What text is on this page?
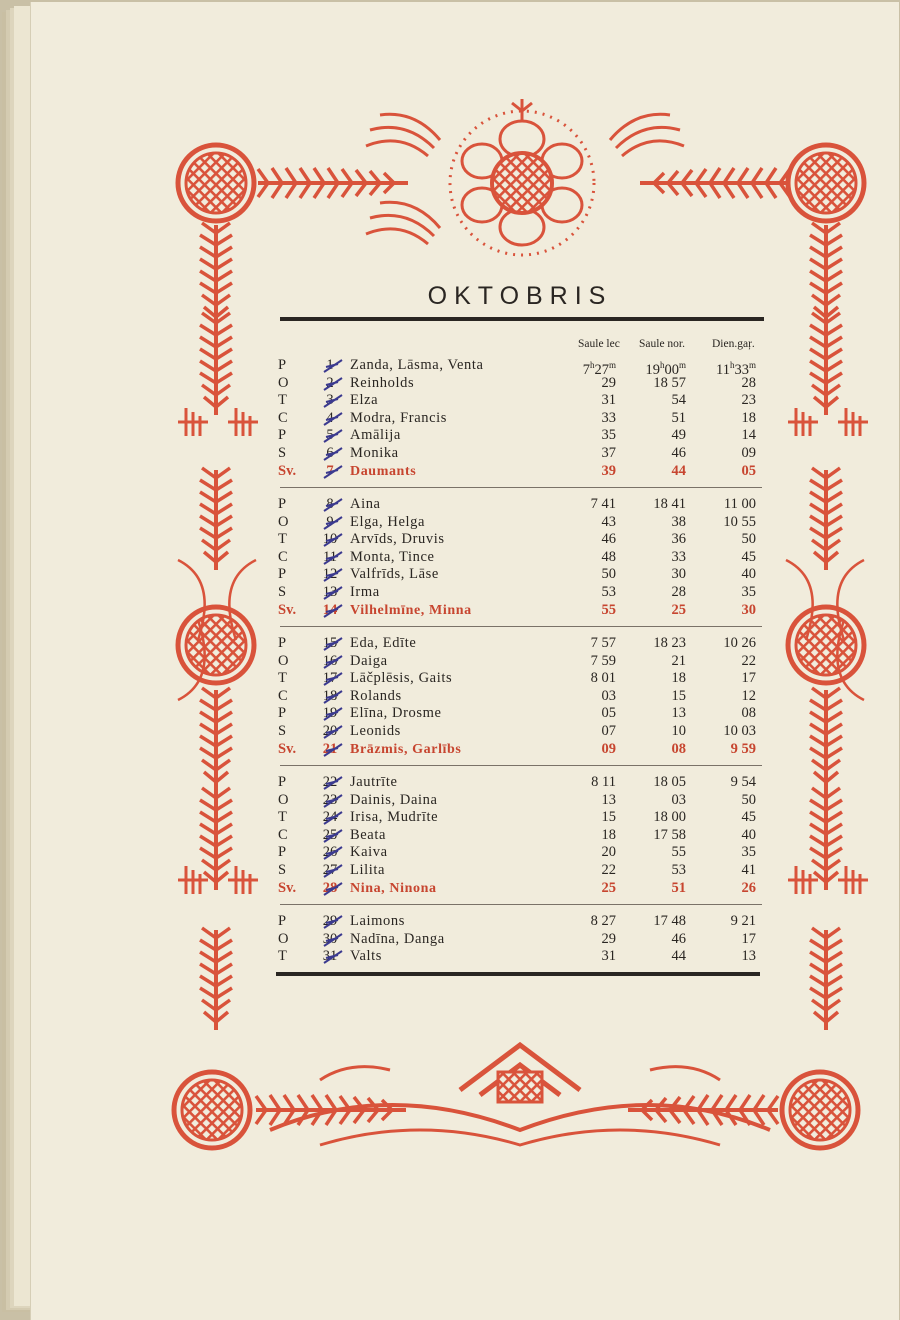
OKTOBRIS
Saule lec Saule nor. Dien.gaŗ.
P	1	Zanda, Lāsma, Venta	7$^h$27$^m$	19$^h$00$^m$	11$^h$33$^m$
O	2	Reinholds	29	18 57	28
T	3	Elza	31	54	23
C	4	Modra, Francis	33	51	18
P	5	Amālija	35	49	14
S	6	Monika	37	46	09
Sv.	7	Daumants	39	44	05
P	8	Aina	7 41	18 41	11 00
O	9	Elga, Helga	43	38	10 55
T	10 Arvīds, Druvis	46	36	50
C	11 Monta, Tince	48	33	45
P	12 Valfrīds, Lāse	50	30	40
S	13 Irma	53	28	35
Sv.	14 Vilhelmīne, Minna	55	25	30
P	15 Eda, Edīte	7 57	18 23	10 26
O	16 Daiga	7 59	21	22
T	17 Lāčplēsis, Gaits	8 01	18	17
C	18 Rolands	03	15	12
P	19 Elīna, Drosme	05	13	08
S	20 Leonids	07	10	10 03
Sv.	21 Brāzmis, Garlībs	09	08	9 59
P	22 Jautrīte	8 11	18 05	9 54
O	23 Dainis, Daina	13	03	50
T	24 Irisa, Mudrīte	15	18 00	45
C	25 Beata	18	17 58	40
P	26 Kaiva	20	55	35
S	27 Lilita	22	53	41
Sv.	28 Nina, Ninona	25	51	26
P	29 Laimons	8 27	17 48	9 21
O	30 Nadīna, Danga	29	46	17
T	31 Valts	31	44	13
